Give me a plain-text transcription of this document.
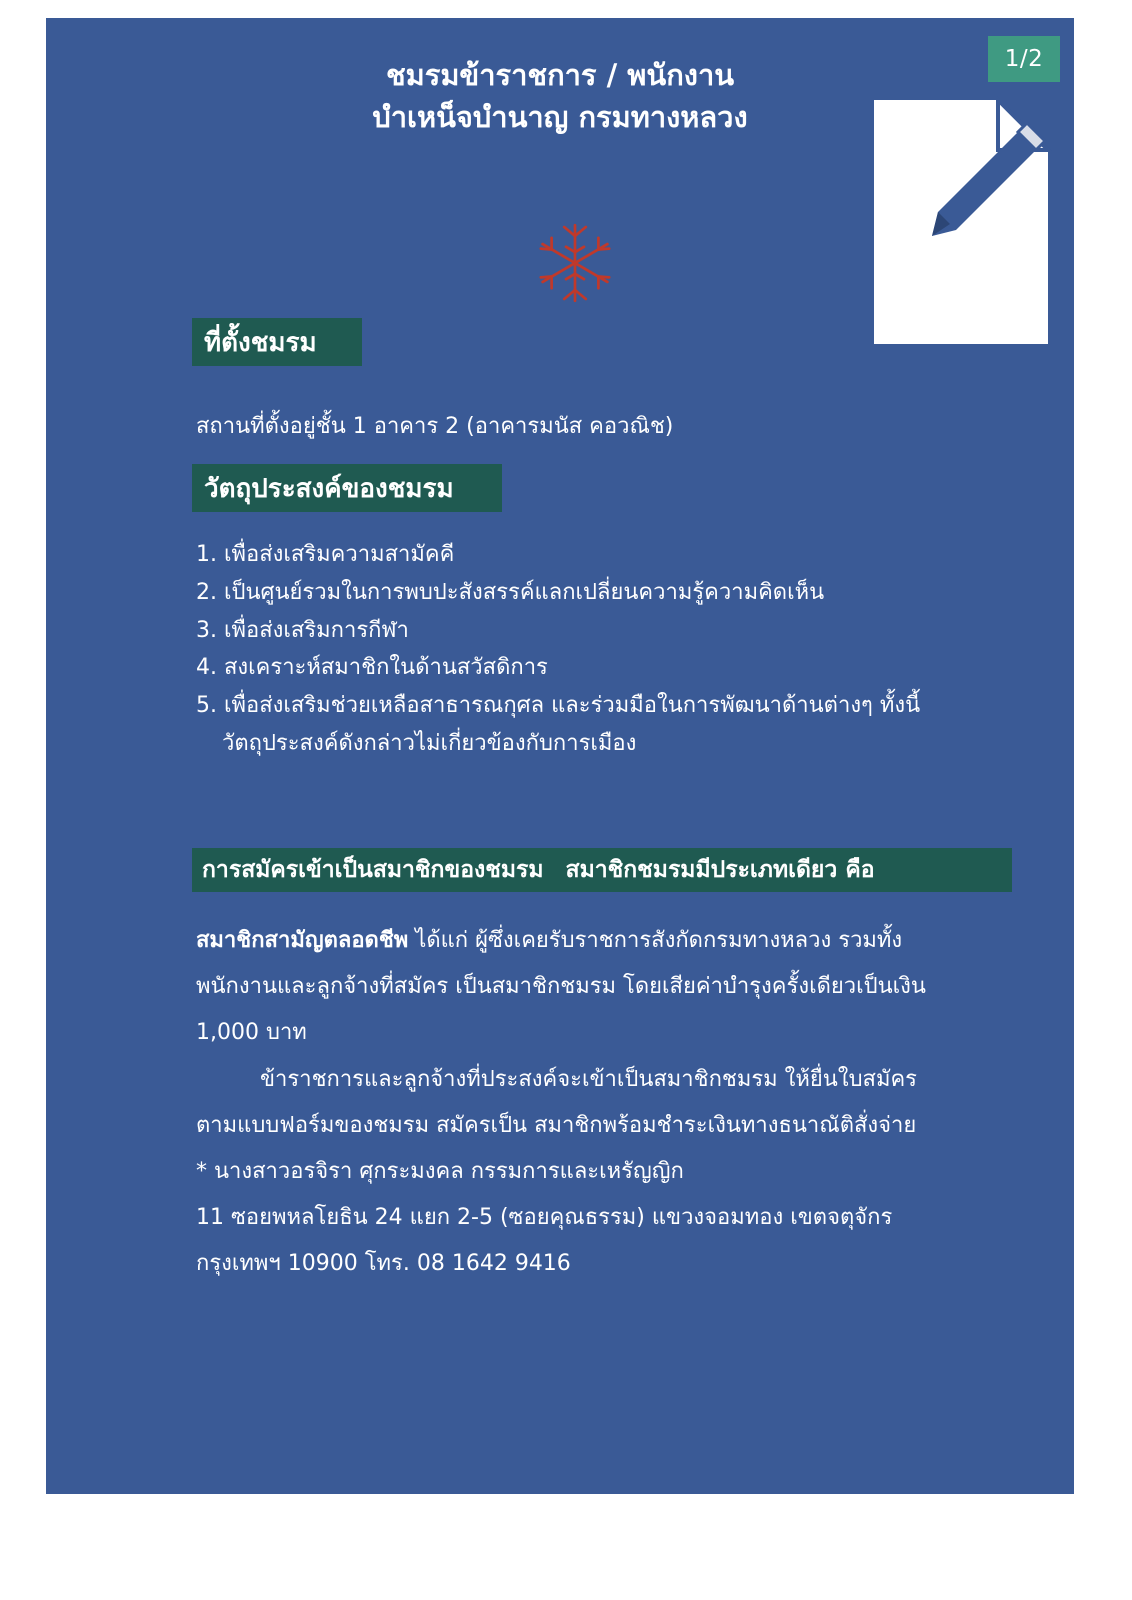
1/2
ชมรมข้าราชการ / พนักงาน
บำเหน็จบำนาญ กรมทางหลวง
ที่ตั้งชมรม
สถานที่ตั้งอยู่ชั้น 1 อาคาร 2 (อาคารมนัส คอวณิช)
วัตถุประสงค์ของชมรม
1. เพื่อส่งเสริมความสามัคคี
2. เป็นศูนย์รวมในการพบปะสังสรรค์แลกเปลี่ยนความรู้ความคิดเห็น
3. เพื่อส่งเสริมการกีฬา
4. สงเคราะห์สมาชิกในด้านสวัสดิการ
5. เพื่อส่งเสริมช่วยเหลือสาธารณกุศล และร่วมมือในการพัฒนาด้านต่างๆ ทั้งนี้
วัตถุประสงค์ดังกล่าวไม่เกี่ยวข้องกับการเมือง
การสมัครเข้าเป็นสมาชิกของชมรม สมาชิกชมรมมีประเภทเดียว คือ

สมาชิกสามัญตลอดชีพ ได้แก่ ผู้ซึ่งเคยรับราชการสังกัดกรมทางหลวง รวมทั้ง

พนักงานและลูกจ้างที่สมัคร เป็นสมาชิกชมรม โดยเสียค่าบำรุงครั้งเดียวเป็นเงิน

1,000 บาท

ข้าราชการและลูกจ้างที่ประสงค์จะเข้าเป็นสมาชิกชมรม ให้ยื่นใบสมัคร

ตามแบบฟอร์มของชมรม สมัครเป็น สมาชิกพร้อมชำระเงินทางธนาณัติสั่งจ่าย

* นางสาวอรจิรา ศุกระมงคล กรรมการและเหรัญญิก

11 ซอยพหลโยธิน 24 แยก 2-5 (ซอยคุณธรรม) แขวงจอมทอง เขตจตุจักร

กรุงเทพฯ 10900 โทร. 08 1642 9416
